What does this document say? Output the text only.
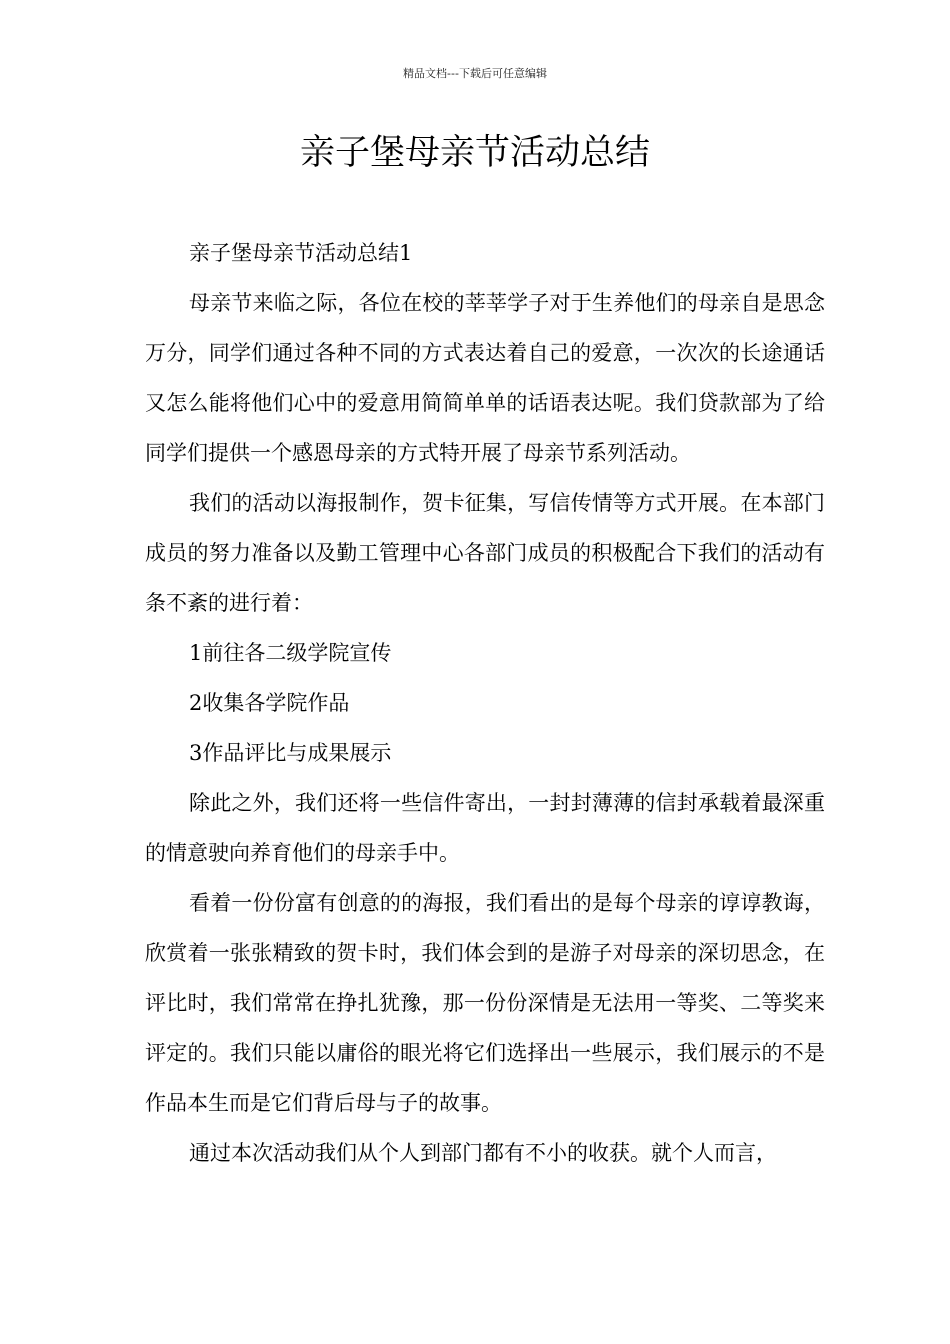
精品文档---下载后可任意编辑
亲子堡母亲节活动总结

亲子堡母亲节活动总结1

母亲节来临之际，各位在校的莘莘学子对于生养他们的母亲自是思念万分，同学们通过各种不同的方式表达着自己的爱意，一次次的长途通话又怎么能将他们心中的爱意用简简单单的话语表达呢。我们贷款部为了给同学们提供一个感恩母亲的方式特开展了母亲节系列活动。

我们的活动以海报制作，贺卡征集，写信传情等方式开展。在本部门成员的努力准备以及勤工管理中心各部门成员的积极配合下我们的活动有条不紊的进行着：

1前往各二级学院宣传

2收集各学院作品

3作品评比与成果展示

除此之外，我们还将一些信件寄出，一封封薄薄的信封承载着最深重的情意驶向养育他们的母亲手中。

看着一份份富有创意的的海报，我们看出的是每个母亲的谆谆教诲，欣赏着一张张精致的贺卡时，我们体会到的是游子对母亲的深切思念，在评比时，我们常常在挣扎犹豫，那一份份深情是无法用一等奖、二等奖来评定的。我们只能以庸俗的眼光将它们选择出一些展示，我们展示的不是作品本生而是它们背后母与子的故事。

通过本次活动我们从个人到部门都有不小的收获。就个人而言，
